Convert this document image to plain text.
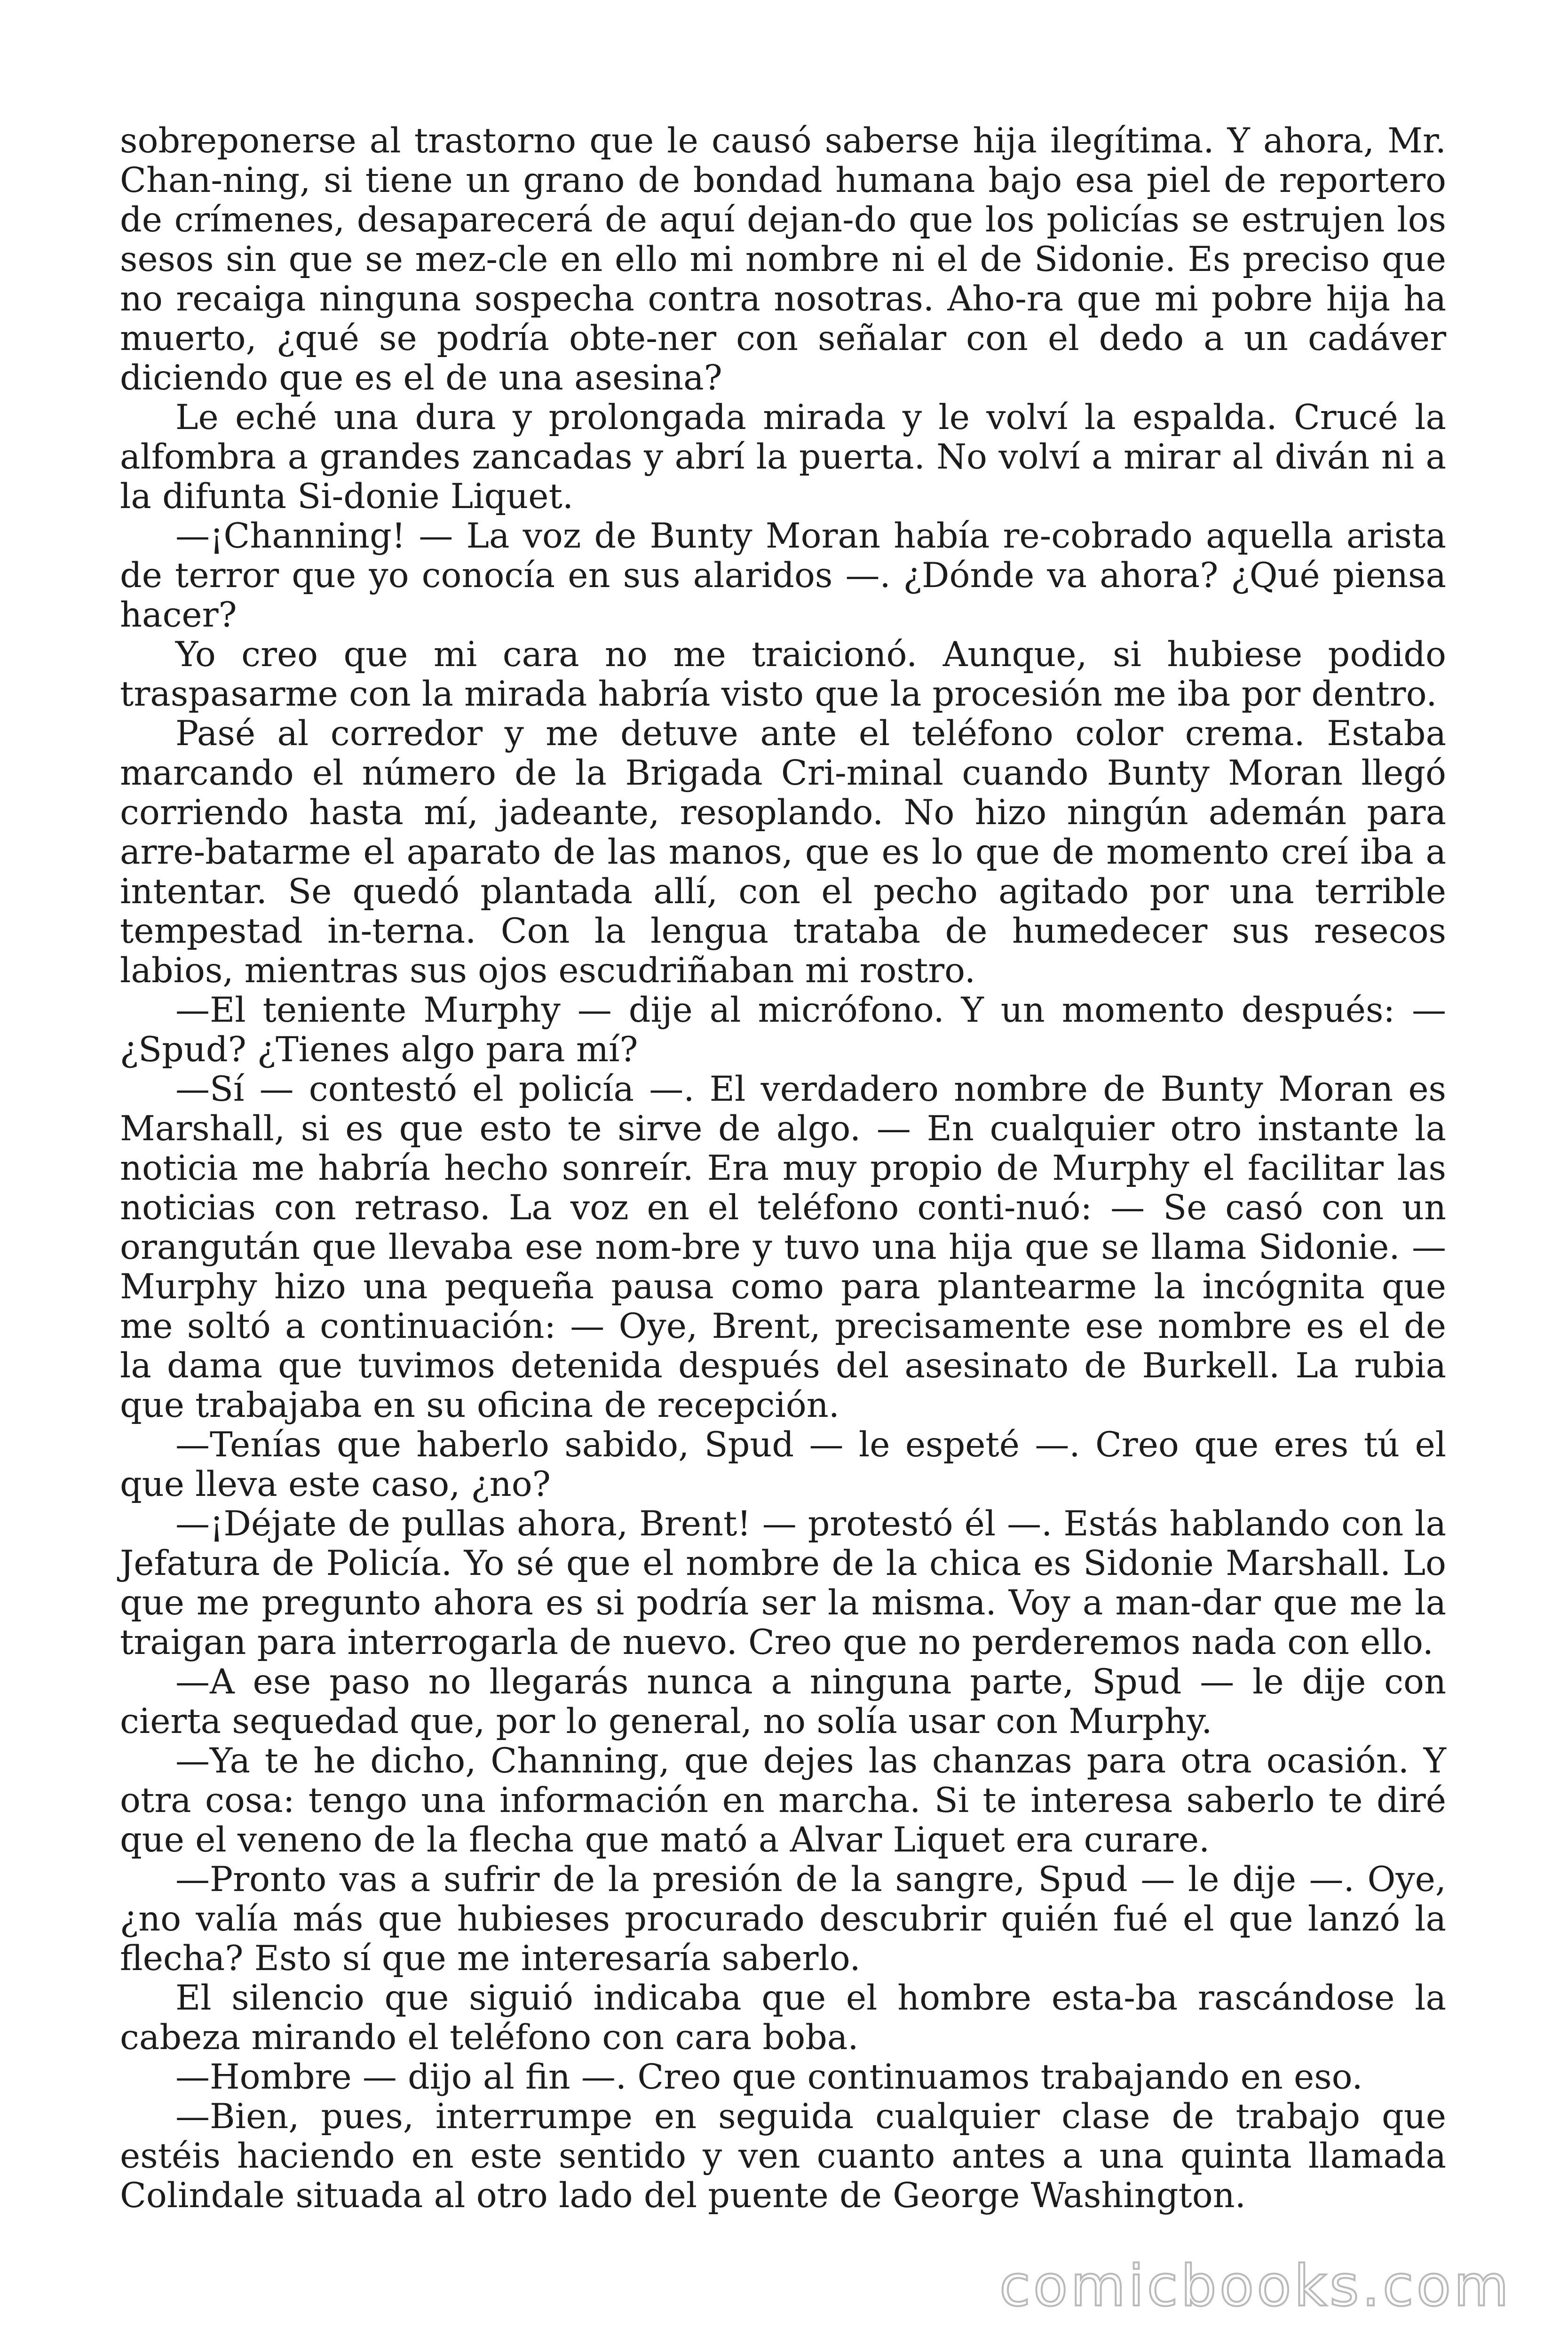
sobreponerse al trastorno que le causó saberse hija ilegítima. Y ahora, Mr. Chan-ning, si tiene un grano de bondad humana bajo esa piel de reportero de crímenes, desaparecerá de aquí dejan-do que los policías se estrujen los sesos sin que se mez-cle en ello mi nombre ni el de Sidonie. Es preciso que no recaiga ninguna sospecha contra nosotras. Aho-ra que mi pobre hija ha muerto, ¿qué se podría obte-ner con señalar con el dedo a un cadáver diciendo que es el de una asesina?

Le eché una dura y prolongada mirada y le volví la espalda. Crucé la alfombra a grandes zancadas y abrí la puerta. No volví a mirar al diván ni a la difunta Si-donie Liquet.

—¡Channing! — La voz de Bunty Moran había re-cobrado aquella arista de terror que yo conocía en sus alaridos —. ¿Dónde va ahora? ¿Qué piensa hacer?

Yo creo que mi cara no me traicionó. Aunque, si hubiese podido traspasarme con la mirada habría visto que la procesión me iba por dentro.

Pasé al corredor y me detuve ante el teléfono color crema. Estaba marcando el número de la Brigada Cri-minal cuando Bunty Moran llegó corriendo hasta mí, jadeante, resoplando. No hizo ningún ademán para arre-batarme el aparato de las manos, que es lo que de momento creí iba a intentar. Se quedó plantada allí, con el pecho agitado por una terrible tempestad in-terna. Con la lengua trataba de humedecer sus resecos labios, mientras sus ojos escudriñaban mi rostro.

—El teniente Murphy — dije al micrófono. Y un momento después: — ¿Spud? ¿Tienes algo para mí?

—Sí — contestó el policía —. El verdadero nombre de Bunty Moran es Marshall, si es que esto te sirve de algo. — En cualquier otro instante la noticia me habría hecho sonreír. Era muy propio de Murphy el facilitar las noticias con retraso. La voz en el teléfono conti-nuó: — Se casó con un orangután que llevaba ese nom-bre y tuvo una hija que se llama Sidonie. — Murphy hizo una pequeña pausa como para plantearme la incógnita que me soltó a continuación: — Oye, Brent, precisamente ese nombre es el de la dama que tuvimos detenida después del asesinato de Burkell. La rubia que trabajaba en su oficina de recepción.

—Tenías que haberlo sabido, Spud — le espeté —. Creo que eres tú el que lleva este caso, ¿no?

—¡Déjate de pullas ahora, Brent! — protestó él —. Estás hablando con la Jefatura de Policía. Yo sé que el nombre de la chica es Sidonie Marshall. Lo que me pregunto ahora es si podría ser la misma. Voy a man-dar que me la traigan para interrogarla de nuevo. Creo que no perderemos nada con ello.

—A ese paso no llegarás nunca a ninguna parte, Spud — le dije con cierta sequedad que, por lo general, no solía usar con Murphy.

—Ya te he dicho, Channing, que dejes las chanzas para otra ocasión. Y otra cosa: tengo una información en marcha. Si te interesa saberlo te diré que el veneno de la flecha que mató a Alvar Liquet era curare.

—Pronto vas a sufrir de la presión de la sangre, Spud — le dije —. Oye, ¿no valía más que hubieses procurado descubrir quién fué el que lanzó la flecha? Esto sí que me interesaría saberlo.

El silencio que siguió indicaba que el hombre esta-ba rascándose la cabeza mirando el teléfono con cara boba.

—Hombre — dijo al fin —. Creo que continuamos trabajando en eso.

—Bien, pues, interrumpe en seguida cualquier clase de trabajo que estéis haciendo en este sentido y ven cuanto antes a una quinta llamada Colindale situada al otro lado del puente de George Washington.

comicbooks.com
